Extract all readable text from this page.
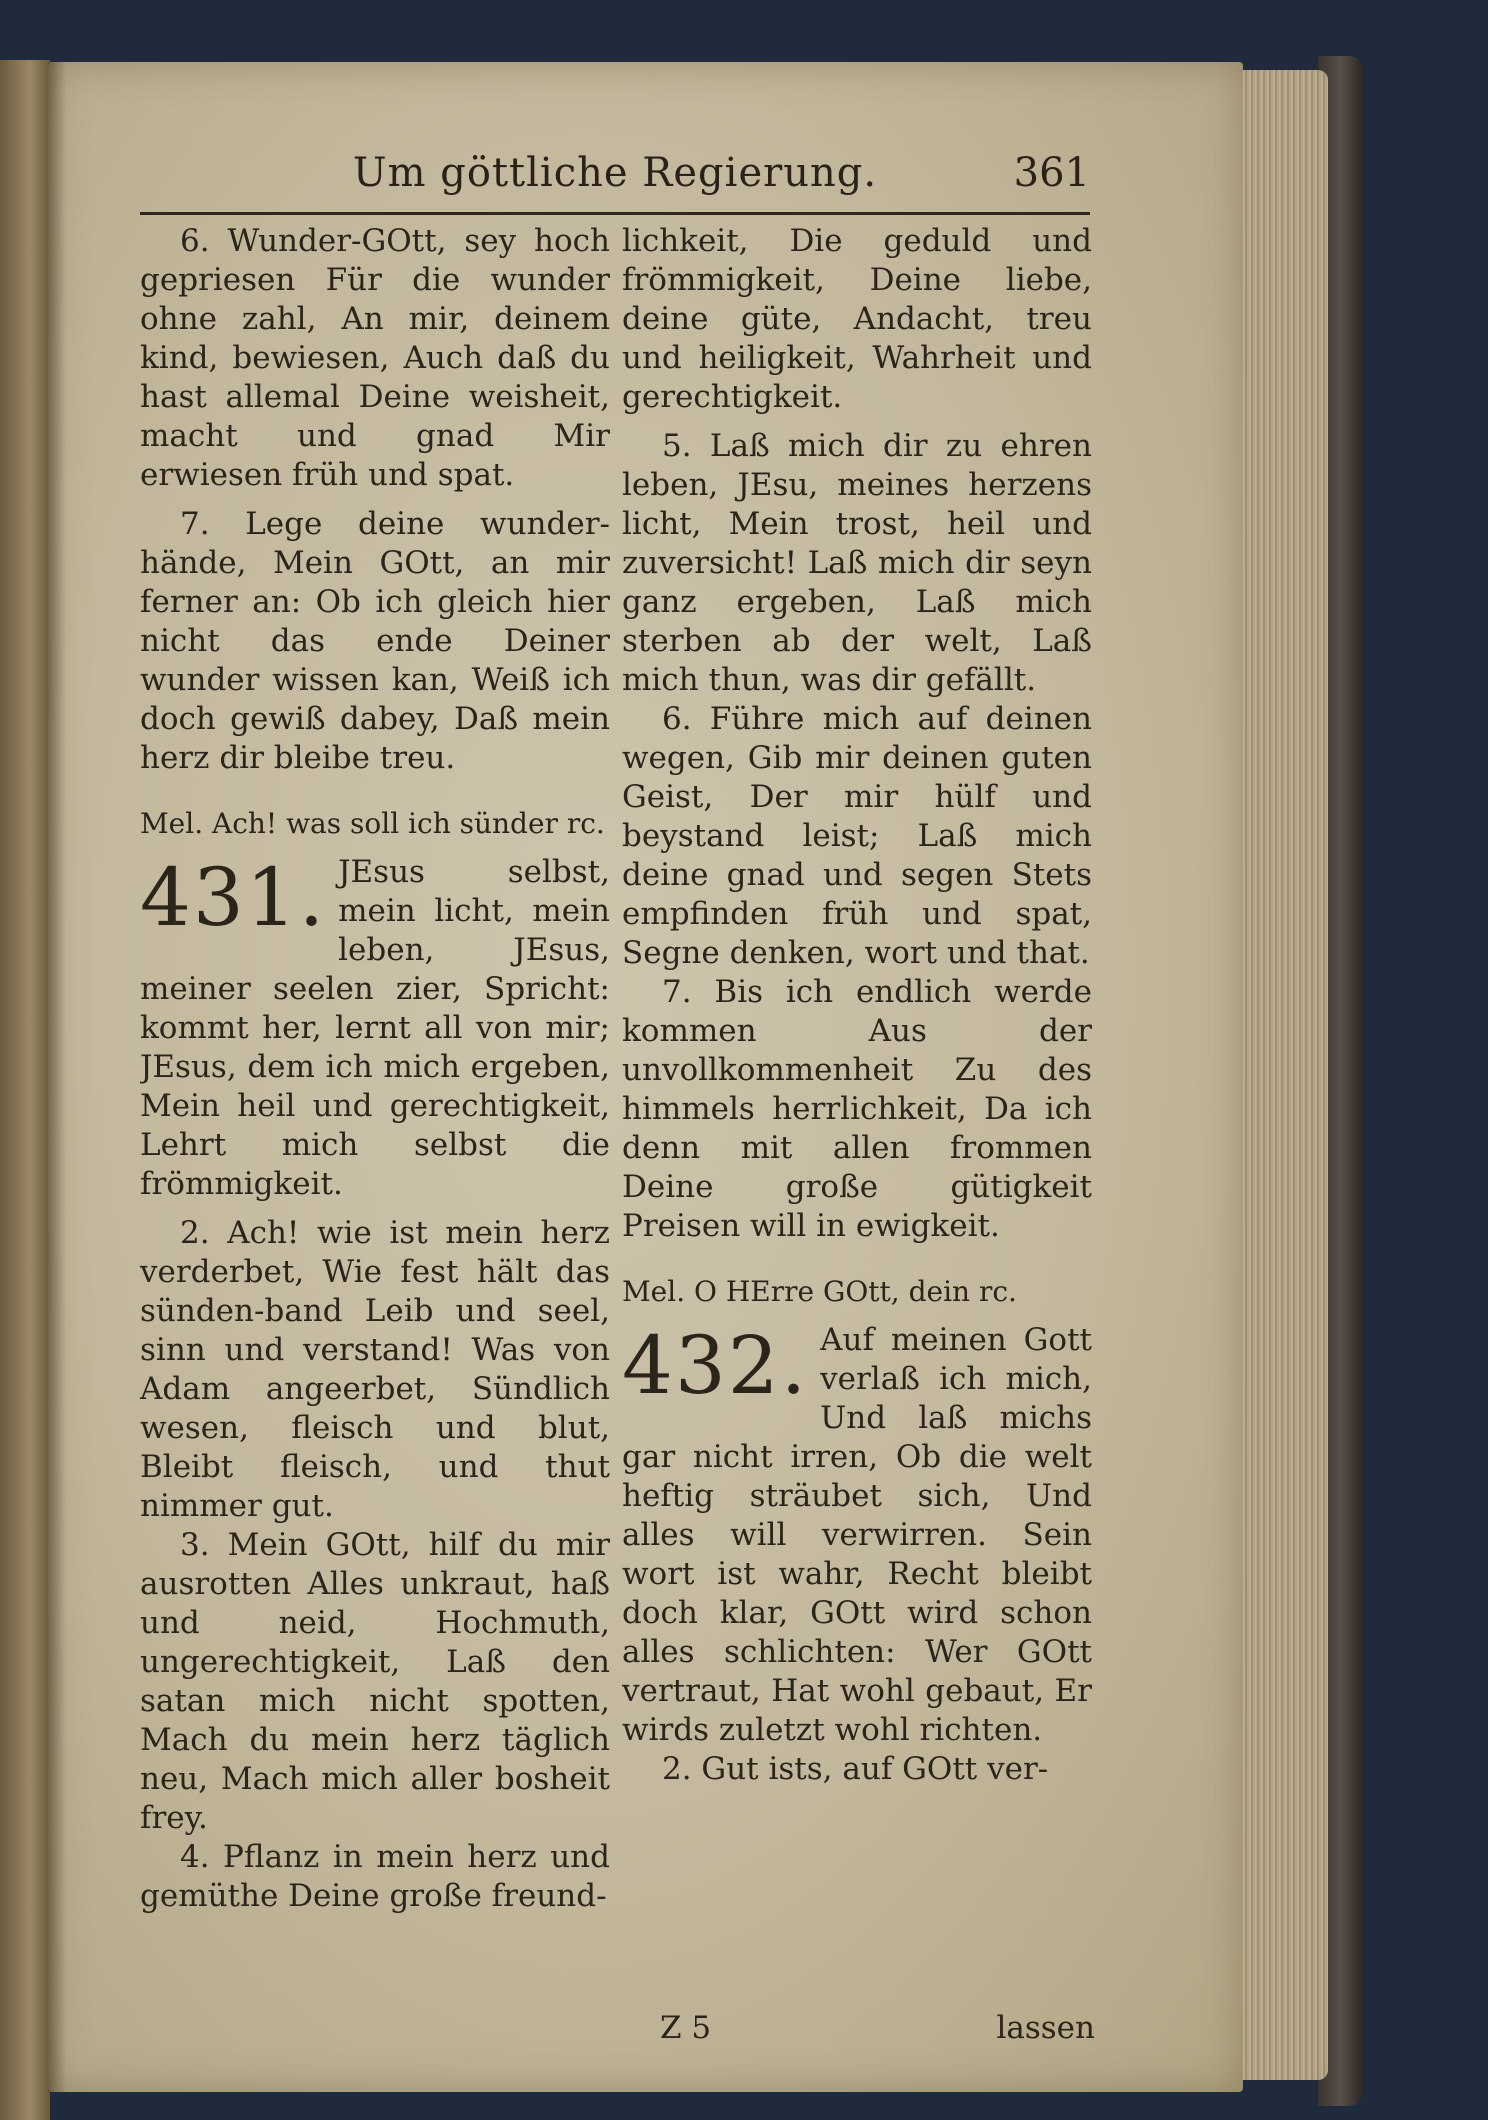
Um göttliche Regierung.	361

6. Wunder-GOtt, sey hoch gepriesen Für die wunder ohne zahl, An mir, deinem kind, bewiesen, Auch daß du hast allemal Deine weisheit, macht und gnad Mir erwiesen früh und spat.

7. Lege deine wunder-hände, Mein GOtt, an mir ferner an: Ob ich gleich hier nicht das ende Deiner wunder wissen kan, Weiß ich doch gewiß dabey, Daß mein herz dir bleibe treu.

Mel. Ach! was soll ich sünder rc.

431. JEsus selbst, mein licht, mein leben, JEsus, meiner seelen zier, Spricht: kommt her, lernt all von mir; JEsus, dem ich mich ergeben, Mein heil und gerechtigkeit, Lehrt mich selbst die frömmigkeit.

2. Ach! wie ist mein herz verderbet, Wie fest hält das sünden-band Leib und seel, sinn und verstand! Was von Adam angeerbet, Sündlich wesen, fleisch und blut, Bleibt fleisch, und thut nimmer gut.

3. Mein GOtt, hilf du mir ausrotten Alles unkraut, haß und neid, Hochmuth, ungerechtigkeit, Laß den satan mich nicht spotten, Mach du mein herz täglich neu, Mach mich aller bosheit frey.

4. Pflanz in mein herz und gemüthe Deine große freund-

lichkeit, Die geduld und frömmigkeit, Deine liebe, deine güte, Andacht, treu und heiligkeit, Wahrheit und gerechtigkeit.

5. Laß mich dir zu ehren leben, JEsu, meines herzens licht, Mein trost, heil und zuversicht! Laß mich dir seyn ganz ergeben, Laß mich sterben ab der welt, Laß mich thun, was dir gefällt.

6. Führe mich auf deinen wegen, Gib mir deinen guten Geist, Der mir hülf und beystand leist; Laß mich deine gnad und segen Stets empfinden früh und spat, Segne denken, wort und that.

7. Bis ich endlich werde kommen Aus der unvollkommenheit Zu des himmels herrlichkeit, Da ich denn mit allen frommen Deine große gütigkeit Preisen will in ewigkeit.

Mel. O HErre GOtt, dein rc.

432. Auf meinen Gott verlaß ich mich, Und laß michs gar nicht irren, Ob die welt heftig sträubet sich, Und alles will verwirren. Sein wort ist wahr, Recht bleibt doch klar, GOtt wird schon alles schlichten: Wer GOtt vertraut, Hat wohl gebaut, Er wirds zuletzt wohl richten.

2. Gut ists, auf GOtt ver-

Z 5	lassen
